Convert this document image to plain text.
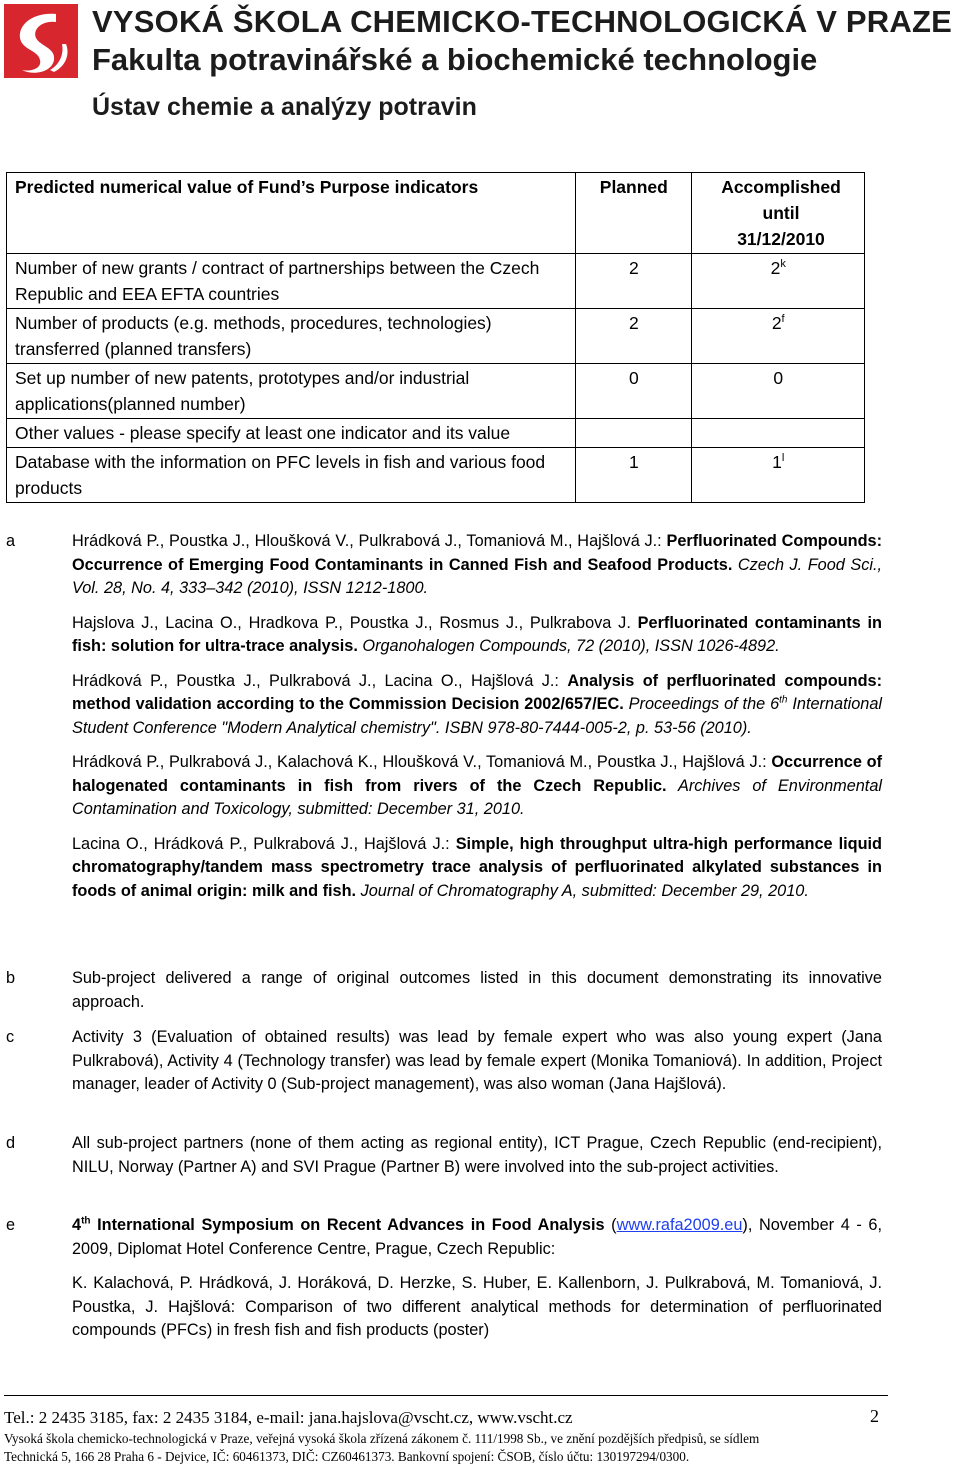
VYSOKÁ ŠKOLA CHEMICKO-TECHNOLOGICKÁ V PRAZE
Fakulta potravinářské a biochemické technologie
Ústav chemie a analýzy potravin
Predicted numerical value of Fund’s Purpose indicators	Planned	Accomplished until 31/12/2010
Number of new grants / contract of partnerships between the Czech Republic and EEA EFTA countries	2	2$^k$
Number of products (e.g. methods, procedures, technologies) transferred (planned transfers)	2	2$^f$
Set up number of new patents, prototypes and/or industrial applications(planned number)	0	0
Other values - please specify at least one indicator and its value		
Database with the information on PFC levels in fish and various food products	1	1$^l$
a	Hrádková P., Poustka J., Hloušková V., Pulkrabová J., Tomaniová M., Hajšlová J.: Perfluorinated Compounds: Occurrence of Emerging Food Contaminants in Canned Fish and Seafood Products. Czech J. Food Sci., Vol. 28, No. 4, 333–342 (2010), ISSN 1212-1800.

Hajslova J., Lacina O., Hradkova P., Poustka J., Rosmus J., Pulkrabova J. Perfluorinated contaminants in fish: solution for ultra-trace analysis. Organohalogen Compounds, 72 (2010), ISSN 1026-4892.

Hrádková P., Poustka J., Pulkrabová J., Lacina O., Hajšlová J.: Analysis of perfluorinated compounds: method validation according to the Commission Decision 2002/657/EC. Proceedings of the 6th International Student Conference "Modern Analytical chemistry". ISBN 978-80-7444-005-2, p. 53-56 (2010).

Hrádková P., Pulkrabová J., Kalachová K., Hloušková V., Tomaniová M., Poustka J., Hajšlová J.: Occurrence of halogenated contaminants in fish from rivers of the Czech Republic. Archives of Environmental Contamination and Toxicology, submitted: December 31, 2010.

Lacina O., Hrádková P., Pulkrabová J., Hajšlová J.: Simple, high throughput ultra-high performance liquid chromatography/tandem mass spectrometry trace analysis of perfluorinated alkylated substances in foods of animal origin: milk and fish. Journal of Chromatography A, submitted: December 29, 2010.

b	Sub-project delivered a range of original outcomes listed in this document demonstrating its innovative approach.

c	Activity 3 (Evaluation of obtained results) was lead by female expert who was also young expert (Jana Pulkrabová), Activity 4 (Technology transfer) was lead by female expert (Monika Tomaniová). In addition, Project manager, leader of Activity 0 (Sub-project management), was also woman (Jana Hajšlová).

d	All sub-project partners (none of them acting as regional entity), ICT Prague, Czech Republic (end-recipient), NILU, Norway (Partner A) and SVI Prague (Partner B) were involved into the sub-project activities.

e	4th International Symposium on Recent Advances in Food Analysis (www.rafa2009.eu), November 4 - 6, 2009, Diplomat Hotel Conference Centre, Prague, Czech Republic:

K. Kalachová, P. Hrádková, J. Horáková, D. Herzke, S. Huber, E. Kallenborn, J. Pulkrabová, M. Tomaniová, J. Poustka, J. Hajšlová: Comparison of two different analytical methods for determination of perfluorinated compounds (PFCs) in fresh fish and fish products (poster)

Tel.: 2 2435 3185, fax: 2 2435 3184, e-mail: jana.hajslova@vscht.cz, www.vscht.cz	2
Vysoká škola chemicko-technologická v Praze, veřejná vysoká škola zřízená zákonem č. 111/1998 Sb., ve znění pozdějších předpisů, se sídlem
Technická 5, 166 28 Praha 6 - Dejvice, IČ: 60461373, DIČ: CZ60461373. Bankovní spojení: ČSOB, číslo účtu: 130197294/0300.
